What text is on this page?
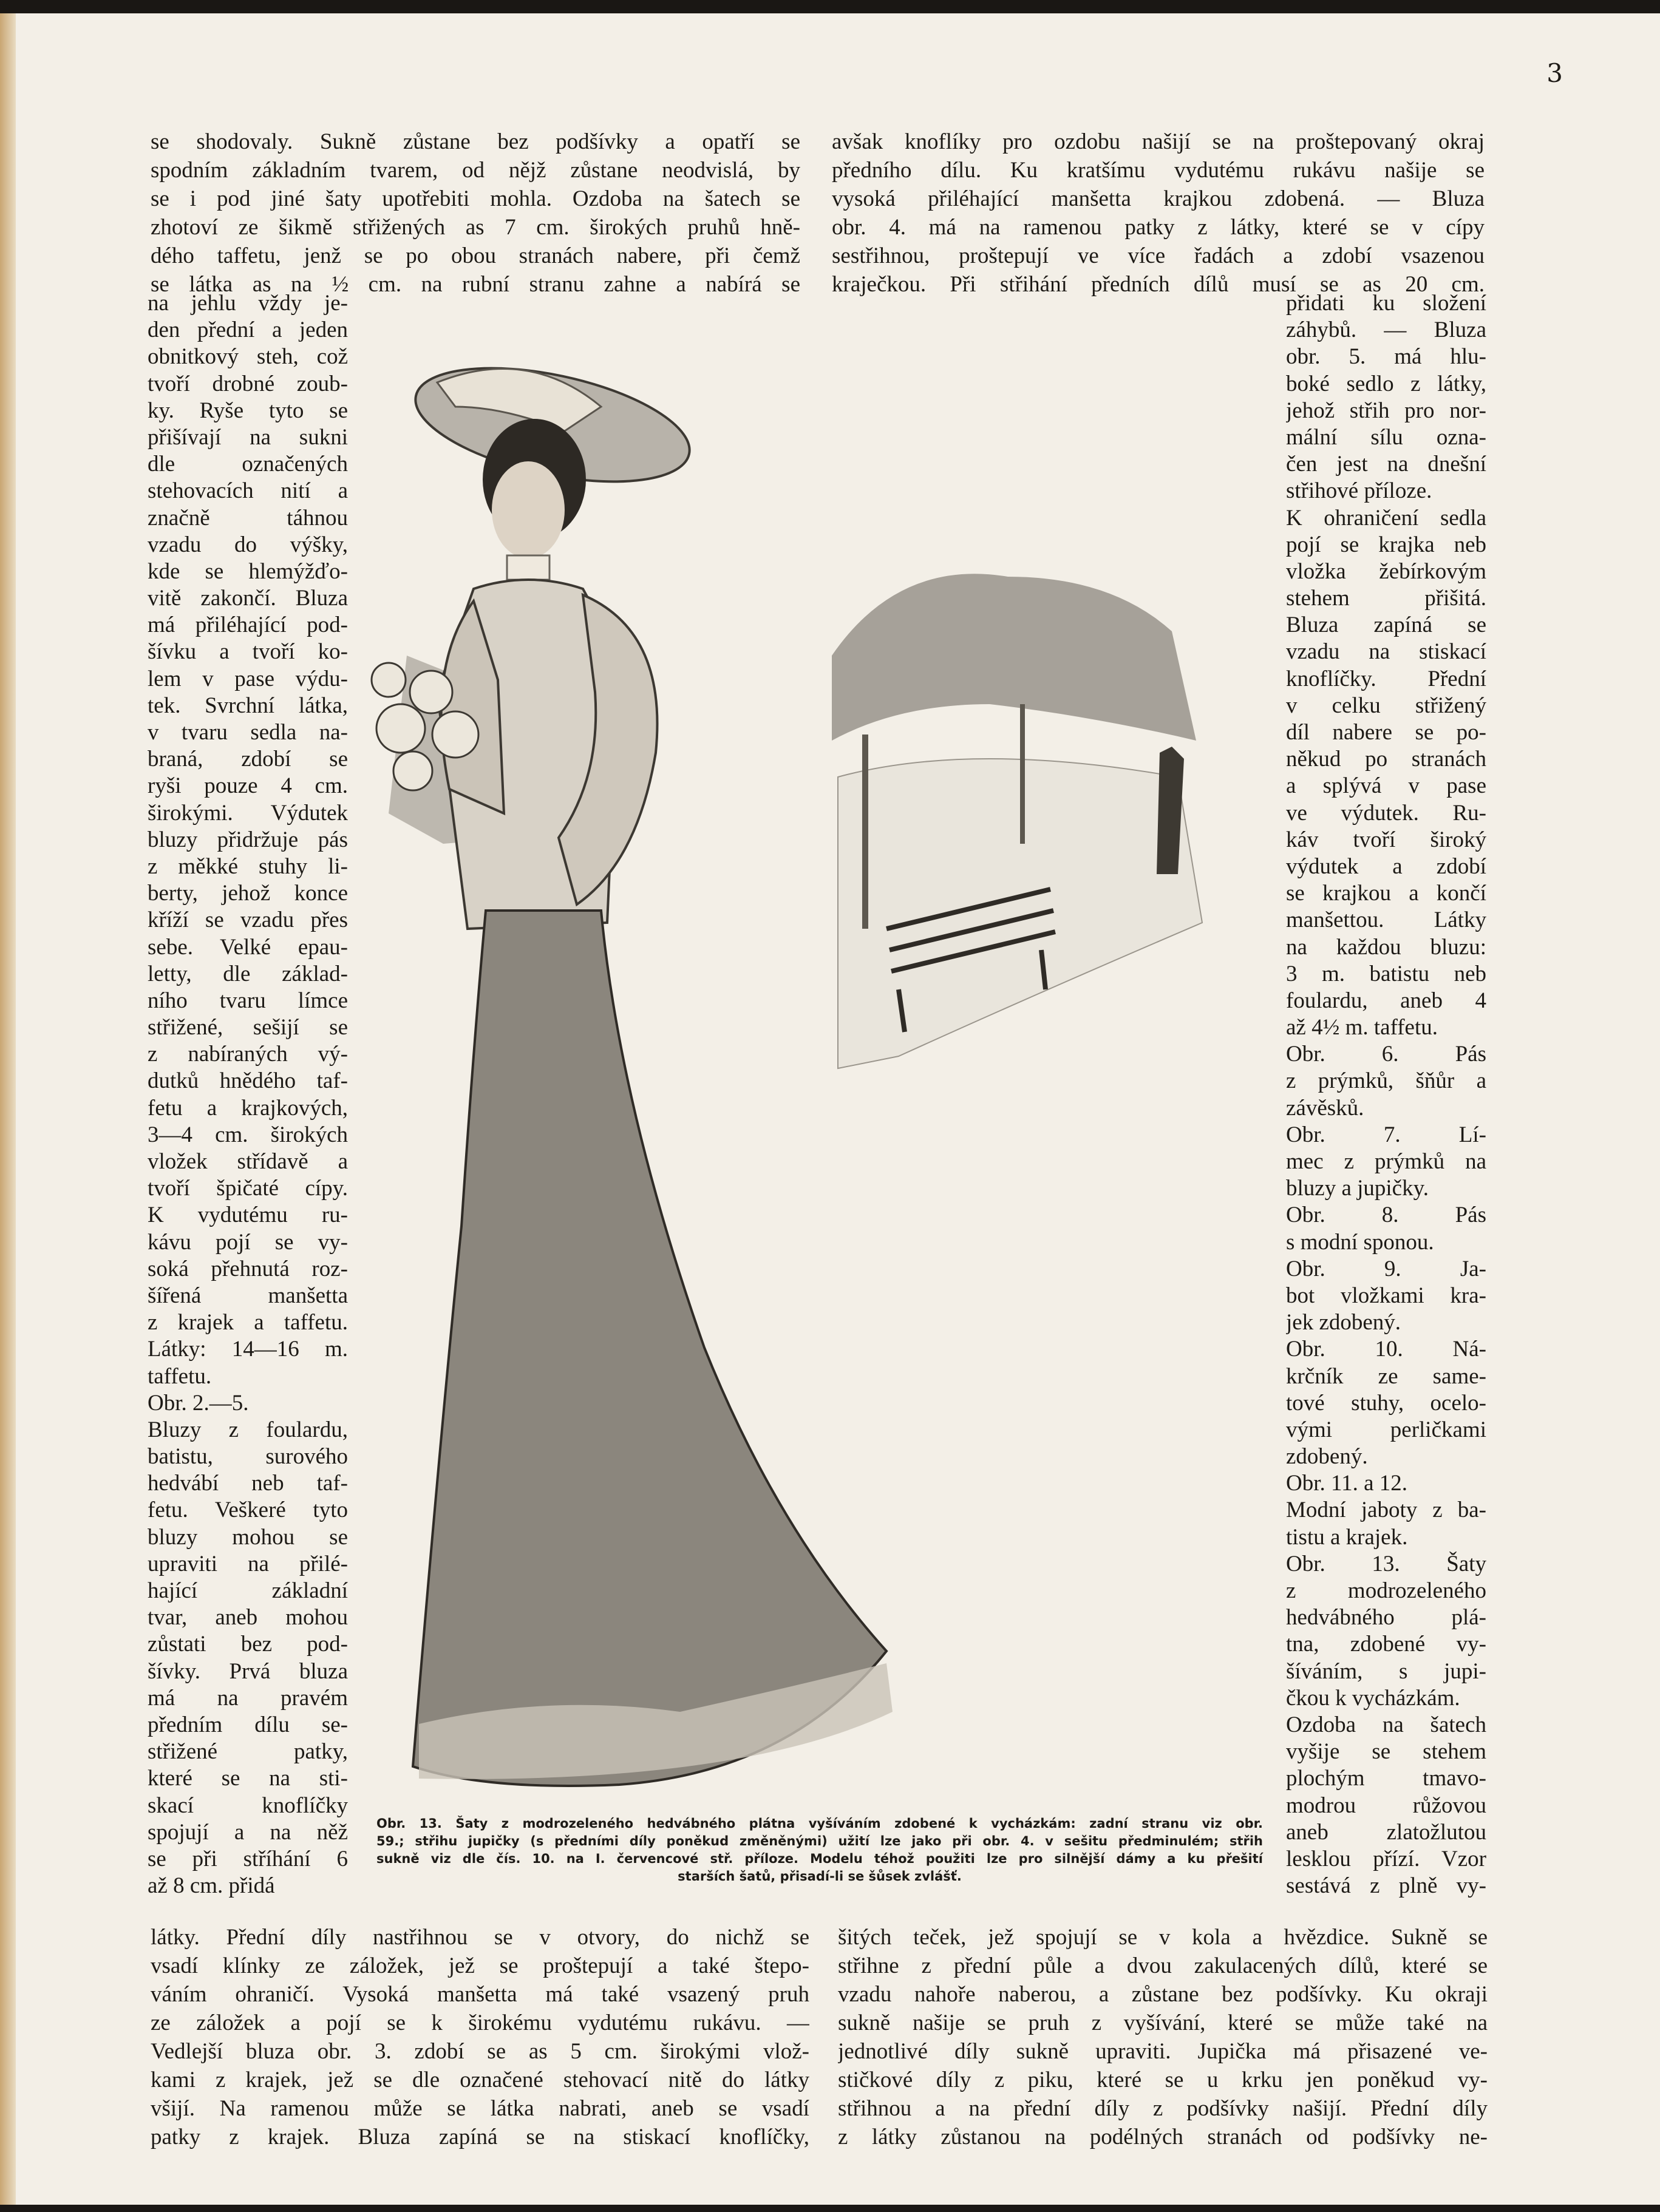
3
se shodovaly. Sukně zůstane bez podšívky a opatří se
spodním základním tvarem, od nějž zůstane neodvislá, by
se i pod jiné šaty upotřebiti mohla. Ozdoba na šatech se
zhotoví ze šikmě střižených as 7 cm. širokých pruhů hně-
dého taffetu, jenž se po obou stranách nabere, při čemž
se látka as na ½ cm. na rubní stranu zahne a nabírá se
avšak knoflíky pro ozdobu našijí se na proštepovaný okraj
předního dílu. Ku kratšímu vydutému rukávu našije se
vysoká přiléhající manšetta krajkou zdobená. — Bluza
obr. 4. má na ramenou patky z látky, které se v cípy
sestřihnou, proštepují ve více řadách a zdobí vsazenou
kraječkou. Při střihání předních dílů musí se as 20 cm.
na jehlu vždy je-
den přední a jeden
obnitkový steh, což
tvoří drobné zoub-
ky. Ryše tyto se
přišívají na sukni
dle označených
stehovacích nití a
značně táhnou
vzadu do výšky,
kde se hlemýžďo-
vitě zakončí. Bluza
má přiléhající pod-
šívku a tvoří ko-
lem v pase výdu-
tek. Svrchní látka,
v tvaru sedla na-
braná, zdobí se
ryši pouze 4 cm.
širokými. Výdutek
bluzy přidržuje pás
z měkké stuhy li-
berty, jehož konce
kříží se vzadu přes
sebe. Velké epau-
letty, dle základ-
ního tvaru límce
střižené, sešijí se
z nabíraných vý-
dutků hnědého taf-
fetu a krajkových,
3—4 cm. širokých
vložek střídavě a
tvoří špičaté cípy.
K vydutému ru-
kávu pojí se vy-
soká přehnutá roz-
šířená manšetta
z krajek a taffetu.
Látky: 14—16 m.
taffetu.
Obr. 2.—5.
Bluzy z foulardu,
batistu, surového
hedvábí neb taf-
fetu. Veškeré tyto
bluzy mohou se
upraviti na přilé-
hající základní
tvar, aneb mohou
zůstati bez pod-
šívky. Prvá bluza
má na pravém
předním dílu se-
střižené patky,
které se na sti-
skací knoflíčky
spojují a na něž
se při stříhání 6
až 8 cm. přidá
přidati ku složení
záhybů. — Bluza
obr. 5. má hlu-
boké sedlo z látky,
jehož střih pro nor-
mální sílu ozna-
čen jest na dnešní
střihové příloze.
K ohraničení sedla
pojí se krajka neb
vložka žebírkovým
stehem přišitá.
Bluza zapíná se
vzadu na stiskací
knoflíčky. Přední
v celku střižený
díl nabere se po-
někud po stranách
a splývá v pase
ve výdutek. Ru-
káv tvoří široký
výdutek a zdobí
se krajkou a končí
manšettou. Látky
na každou bluzu:
3 m. batistu neb
foulardu, aneb 4
až 4½ m. taffetu.
Obr. 6. Pás
z prýmků, šňůr a
závěsků.
Obr. 7. Lí-
mec z prýmků na
bluzy a jupičky.
Obr. 8. Pás
s modní sponou.
Obr. 9. Ja-
bot vložkami kra-
jek zdobený.
Obr. 10. Ná-
krčník ze same-
tové stuhy, ocelo-
vými perličkami
zdobený.
Obr. 11. a 12.
Modní jaboty z ba-
tistu a krajek.
Obr. 13. Šaty
z modrozeleného
hedvábného plá-
tna, zdobené vy-
šíváním, s jupi-
čkou k vycházkám.
Ozdoba na šatech
vyšije se stehem
plochým tmavo-
modrou růžovou
aneb zlatožlutou
lesklou přízí. Vzor
sestává z plně vy-
Obr. 13. Šaty z modrozeleného hedvábného plátna vyšíváním zdobené k vycházkám: zadní stranu viz obr.
59.; střihu jupičky (s předními díly poněkud změněnými) užití lze jako při obr. 4. v sešitu předminulém; střih
sukně viz dle čís. 10. na I. červencové stř. příloze. Modelu téhož použiti lze pro silnější dámy a ku přešití
starších šatů, přisadí-li se šůsek zvlášť.
látky. Přední díly nastřihnou se v otvory, do nichž se
vsadí klínky ze záložek, jež se proštepují a také štepo-
váním ohraničí. Vysoká manšetta má také vsazený pruh
ze záložek a pojí se k širokému vydutému rukávu. —
Vedlejší bluza obr. 3. zdobí se as 5 cm. širokými vlož-
kami z krajek, jež se dle označené stehovací nitě do látky
všijí. Na ramenou může se látka nabrati, aneb se vsadí
patky z krajek. Bluza zapíná se na stiskací knoflíčky,
šitých teček, jež spojují se v kola a hvězdice. Sukně se
střihne z přední půle a dvou zakulacených dílů, které se
vzadu nahoře naberou, a zůstane bez podšívky. Ku okraji
sukně našije se pruh z vyšívání, které se může také na
jednotlivé díly sukně upraviti. Jupička má přisazené ve-
stičkové díly z piku, které se u krku jen poněkud vy-
střihnou a na přední díly z podšívky našijí. Přední díly
z látky zůstanou na podélných stranách od podšívky ne-
